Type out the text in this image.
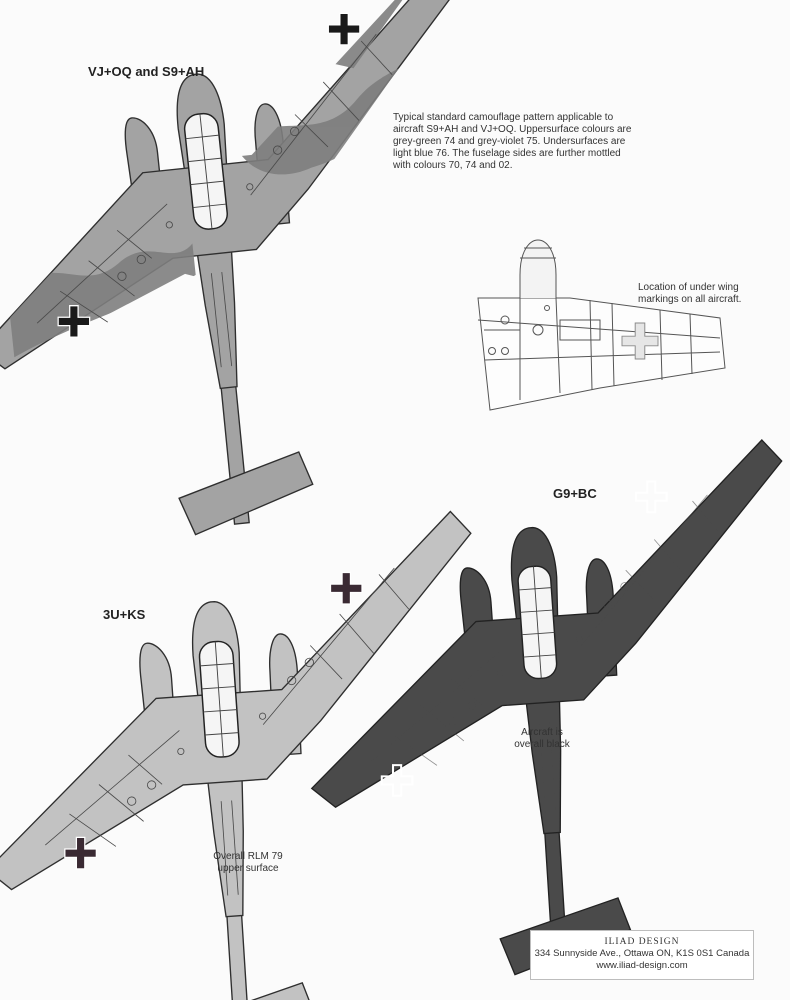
VJ+OQ and S9+AH
3U+KS
G9+BC
Typical standard camouflage pattern applicable to aircraft S9+AH and VJ+OQ. Uppersurface colours are grey-green 74 and grey-violet 75. Undersurfaces are light blue 76. The fuselage sides are further mottled with colours 70, 74 and 02.
Location of under wing markings on all aircraft.
Aircraft is overall black
Overall RLM 79 upper surface
ILIAD DESIGN
334 Sunnyside Ave., Ottawa ON, K1S 0S1 Canada
www.iliad-design.com
